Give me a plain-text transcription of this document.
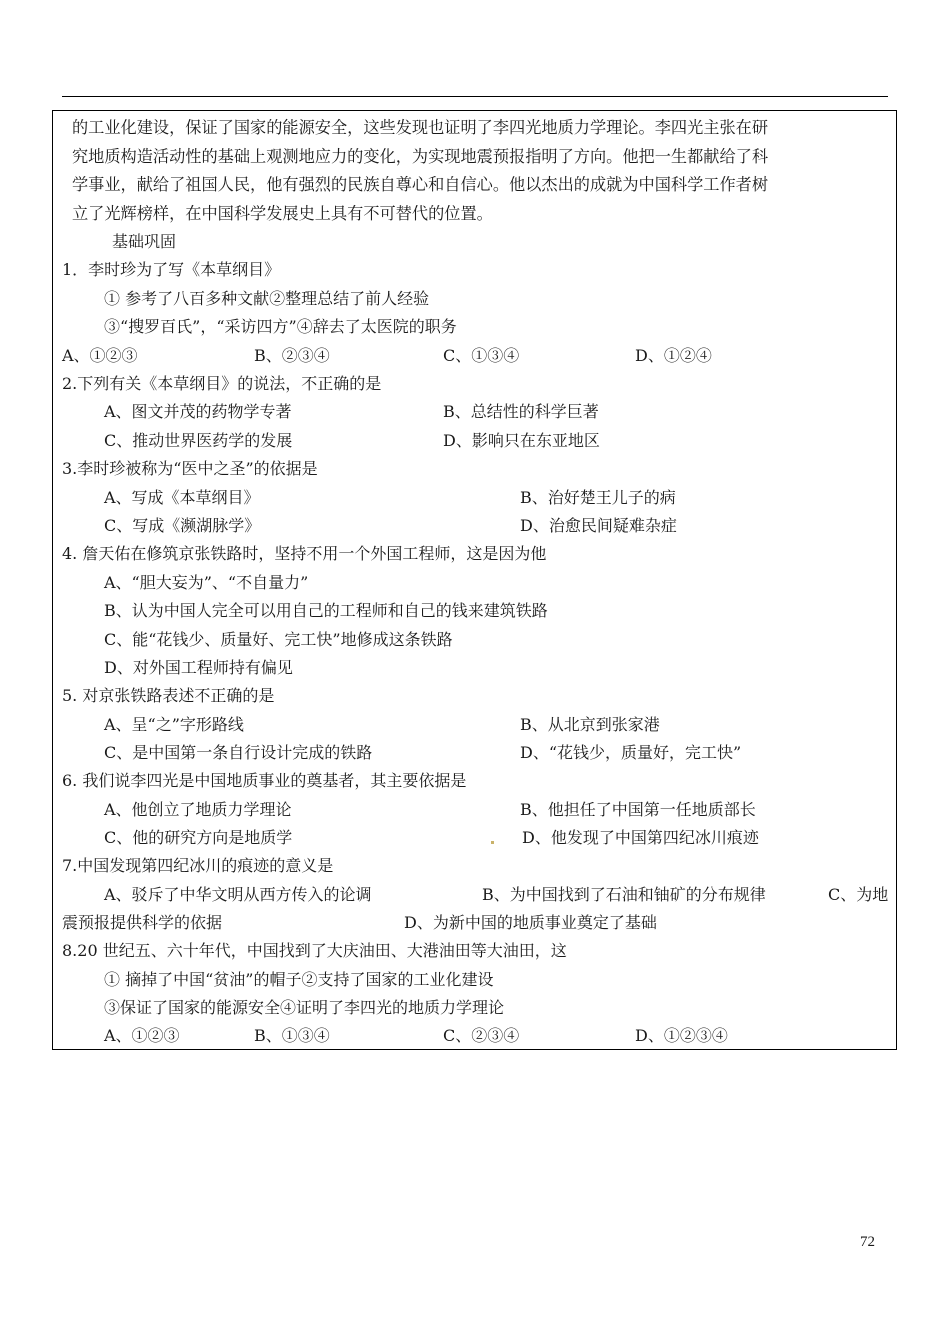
的工业化建设，保证了国家的能源安全，这些发现也证明了李四光地质力学理论。李四光主张在研
究地质构造活动性的基础上观测地应力的变化，为实现地震预报指明了方向。他把一生都献给了科
学事业，献给了祖国人民，他有强烈的民族自尊心和自信心。他以杰出的成就为中国科学工作者树
立了光辉榜样，在中国科学发展史上具有不可替代的位置。
基础巩固
1．李时珍为了写《本草纲目》
① 参考了八百多种文献②整理总结了前人经验
③“搜罗百氏”，“采访四方”④辞去了太医院的职务
A、①②③	B、②③④	C、①③④	D、①②④
2.下列有关《本草纲目》的说法，不正确的是
A、图文并茂的药物学专著	B、总结性的科学巨著
C、推动世界医药学的发展	D、影响只在东亚地区
3.李时珍被称为“医中之圣”的依据是
A、写成《本草纲目》	B、治好楚王儿子的病
C、写成《濒湖脉学》	D、治愈民间疑难杂症
4. 詹天佑在修筑京张铁路时，坚持不用一个外国工程师，这是因为他
A、“胆大妄为”、“不自量力”
B、认为中国人完全可以用自己的工程师和自己的钱来建筑铁路
C、能“花钱少、质量好、完工快”地修成这条铁路
D、对外国工程师持有偏见
5. 对京张铁路表述不正确的是
A、呈“之”字形路线	B、从北京到张家港
C、是中国第一条自行设计完成的铁路	D、“花钱少，质量好，完工快”
6. 我们说李四光是中国地质事业的奠基者，其主要依据是
A、他创立了地质力学理论	B、他担任了中国第一任地质部长
C、他的研究方向是地质学	D、他发现了中国第四纪冰川痕迹
7.中国发现第四纪冰川的痕迹的意义是
A、驳斥了中华文明从西方传入的论调	B、为中国找到了石油和铀矿的分布规律	C、为地
震预报提供科学的依据	D、为新中国的地质事业奠定了基础
8.20 世纪五、六十年代，中国找到了大庆油田、大港油田等大油田，这
① 摘掉了中国“贫油”的帽子②支持了国家的工业化建设
③保证了国家的能源安全④证明了李四光的地质力学理论
A、①②③	B、①③④	C、②③④	D、①②③④
72
